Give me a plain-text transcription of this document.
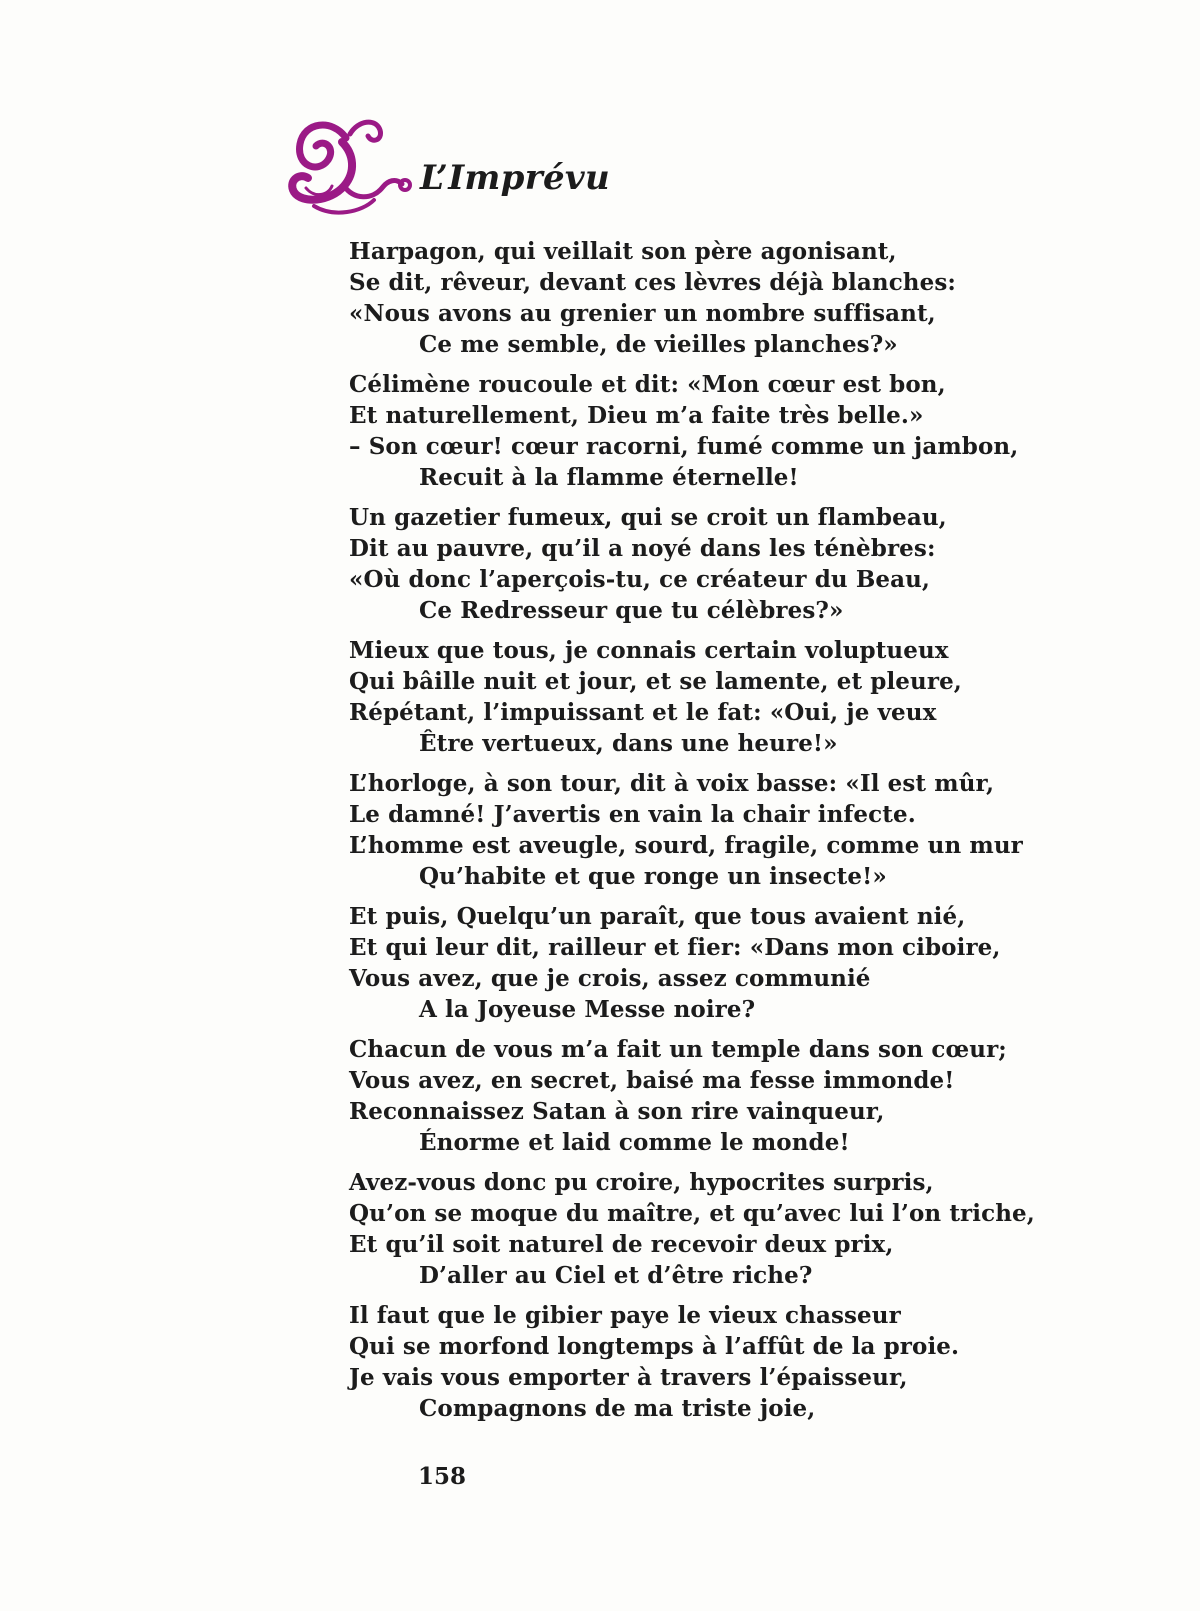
L’Imprévu
Harpagon, qui veillait son père agonisant,
Se dit, rêveur, devant ces lèvres déjà blanches:
«Nous avons au grenier un nombre suffisant,
Ce me semble, de vieilles planches?»
Célimène roucoule et dit: «Mon cœur est bon,
Et naturellement, Dieu m’a faite très belle.»
– Son cœur! cœur racorni, fumé comme un jambon,
Recuit à la flamme éternelle!
Un gazetier fumeux, qui se croit un flambeau,
Dit au pauvre, qu’il a noyé dans les ténèbres:
«Où donc l’aperçois-tu, ce créateur du Beau,
Ce Redresseur que tu célèbres?»
Mieux que tous, je connais certain voluptueux
Qui bâille nuit et jour, et se lamente, et pleure,
Répétant, l’impuissant et le fat: «Oui, je veux
Être vertueux, dans une heure!»
L’horloge, à son tour, dit à voix basse: «Il est mûr,
Le damné! J’avertis en vain la chair infecte.
L’homme est aveugle, sourd, fragile, comme un mur
Qu’habite et que ronge un insecte!»
Et puis, Quelqu’un paraît, que tous avaient nié,
Et qui leur dit, railleur et fier: «Dans mon ciboire,
Vous avez, que je crois, assez communié
A la Joyeuse Messe noire?
Chacun de vous m’a fait un temple dans son cœur;
Vous avez, en secret, baisé ma fesse immonde!
Reconnaissez Satan à son rire vainqueur,
Énorme et laid comme le monde!
Avez-vous donc pu croire, hypocrites surpris,
Qu’on se moque du maître, et qu’avec lui l’on triche,
Et qu’il soit naturel de recevoir deux prix,
D’aller au Ciel et d’être riche?
Il faut que le gibier paye le vieux chasseur
Qui se morfond longtemps à l’affût de la proie.
Je vais vous emporter à travers l’épaisseur,
Compagnons de ma triste joie,
158
